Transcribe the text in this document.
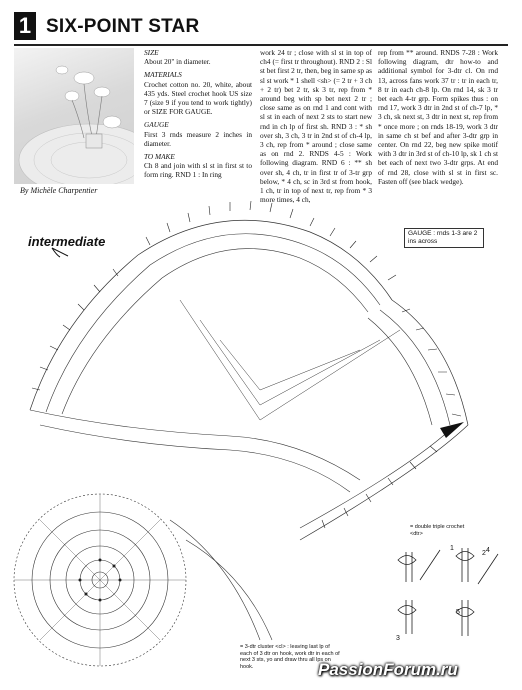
1 SIX-POINT STAR
By Michèle Charpentier
intermediate
SIZE
About 20" in diameter.
MATERIALS
Crochet cotton no. 20, white, about 435 yds. Steel crochet hook US size 7 (size 9 if you tend to work tightly) or SIZE FOR GAUGE.
GAUGE
First 3 rnds measure 2 inches in diameter.
TO MAKE
Ch 8 and join with sl st in first st to form ring. RND 1 : In ring
work 24 tr ; close with sl st in top of ch4 (= first tr throughout). RND 2 : Sl st bet first 2 tr, then, beg in same sp as sl st work * 1 shell <sh> (= 2 tr + 3 ch + 2 tr) bet 2 tr, sk 3 tr, rep from * around beg with sp bet next 2 tr ; close same as on rnd 1 and cont with sl st in each of next 2 sts to start new rnd in ch lp of first sh. RND 3 : * sh over sh, 3 ch, 3 tr in 2nd st of ch-4 lp, 3 ch, rep from * around ; close same as on rnd 2. RNDS 4-5 : Work following diagram. RND 6 : ** sh over sh, 4 ch, tr in first tr of 3-tr grp below, * 4 ch, sc in 3rd st from hook, 1 ch, tr in top of next tr, rep from * 3 more times, 4 ch,
rep from ** around. RNDS 7-28 : Work following diagram, dtr how-to and additional symbol for 3-dtr cl. On rnd 13, across fans work 37 tr : tr in each tr, 8 tr in each ch-8 lp. On rnd 14, sk 3 tr bet each 4-tr grp. Form spikes thus : on rnd 17, work 3 dtr in 2nd st of ch-7 lp, * 3 ch, sk next st, 3 dtr in next st, rep from * once more ; on rnds 18-19, work 3 dtr in same ch st bef and after 3-dtr grp in center. On rnd 22, beg new spike motif with 3 dtr in 3rd st of ch-10 lp, sk 1 ch st bet each of next two 3-dtr grps. At end of rnd 28, close with sl st in first sc. Fasten off (see black wedge).
GAUGE : rnds 1-3 are 2 ins across
1
2
3
4
5
= double triple crochet <dtr>
= 3-dtr cluster <cl> : leaving last lp of each of 3 dtr on hook, work dtr in each of next 3 sts, yo and draw thru all lps on hook.	PassionForum.ru
